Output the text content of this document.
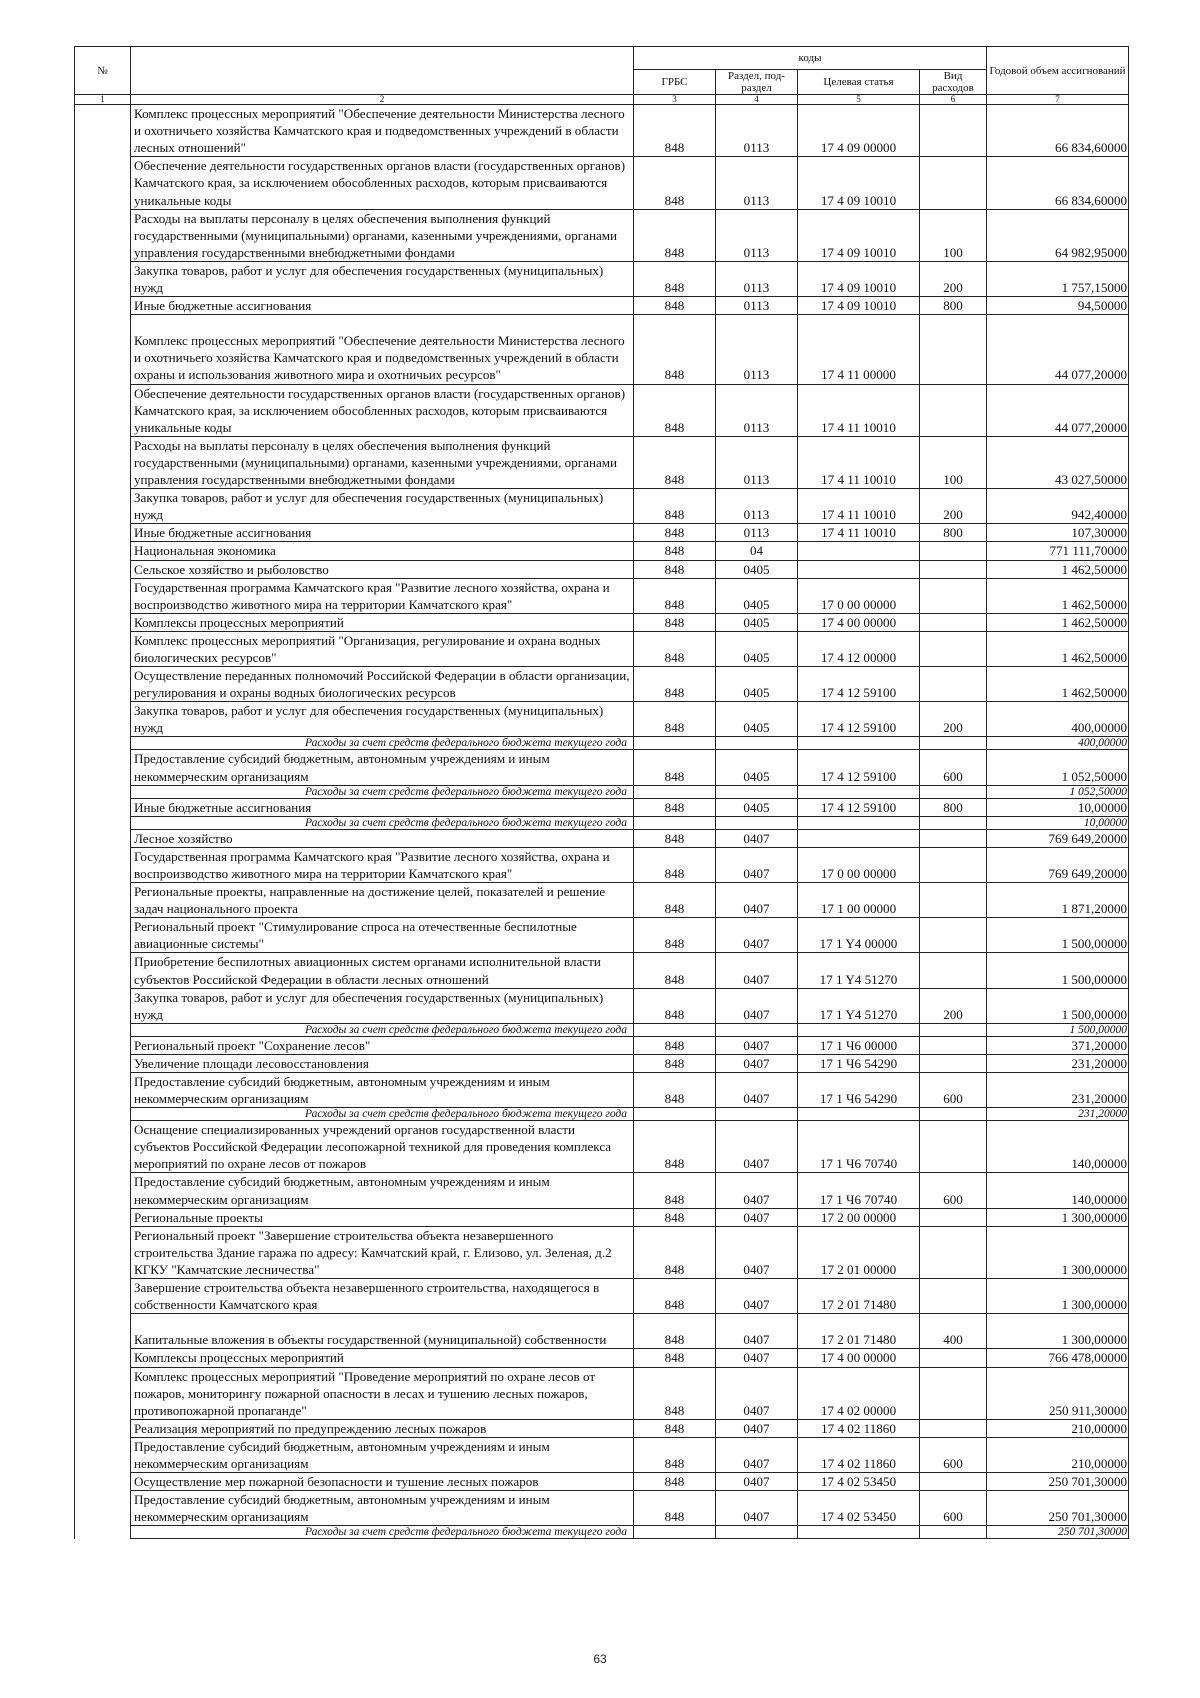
№		коды				Годовой объем ассигнований
		ГРБС	Раздел, под-раздел	Целевая статья	Вид расходов	
1	2	3	4	5	6	7
	Комплекс процессных мероприятий "Обеспечение деятельности Министерства лесного и охотничьего хозяйства Камчатского края и подведомственных учреждений в области лесных отношений"	848	0113	17 4 09 00000		66 834,60000
	Обеспечение деятельности государственных органов власти (государственных органов) Камчатского края, за исключением обособленных расходов, которым присваиваются уникальные коды	848	0113	17 4 09 10010		66 834,60000
	Расходы на выплаты персоналу в целях обеспечения выполнения функций государственными (муниципальными) органами, казенными учреждениями, органами управления государственными внебюджетными фондами	848	0113	17 4 09 10010	100	64 982,95000
	Закупка товаров, работ и услуг для обеспечения государственных (муниципальных) нужд	848	0113	17 4 09 10010	200	1 757,15000
	Иные бюджетные ассигнования	848	0113	17 4 09 10010	800	94,50000
	Комплекс процессных мероприятий "Обеспечение деятельности Министерства лесного и охотничьего хозяйства Камчатского края и подведомственных учреждений в области охраны и использования животного мира и охотничьих ресурсов"	848	0113	17 4 11 00000		44 077,20000
	Обеспечение деятельности государственных органов власти (государственных органов) Камчатского края, за исключением обособленных расходов, которым присваиваются уникальные коды	848	0113	17 4 11 10010		44 077,20000
	Расходы на выплаты персоналу в целях обеспечения выполнения функций государственными (муниципальными) органами, казенными учреждениями, органами управления государственными внебюджетными фондами	848	0113	17 4 11 10010	100	43 027,50000
	Закупка товаров, работ и услуг для обеспечения государственных (муниципальных) нужд	848	0113	17 4 11 10010	200	942,40000
	Иные бюджетные ассигнования	848	0113	17 4 11 10010	800	107,30000
	Национальная экономика	848	04			771 111,70000
	Сельское хозяйство и рыболовство	848	0405			1 462,50000
	Государственная программа Камчатского края "Развитие лесного хозяйства, охрана и воспроизводство животного мира на территории Камчатского края"	848	0405	17 0 00 00000		1 462,50000
	Комплексы процессных мероприятий	848	0405	17 4 00 00000		1 462,50000
	Комплекс процессных мероприятий "Организация, регулирование и охрана водных биологических ресурсов"	848	0405	17 4 12 00000		1 462,50000
	Осуществление переданных полномочий Российской Федерации в области организации, регулирования и охраны водных биологических ресурсов	848	0405	17 4 12 59100		1 462,50000
	Закупка товаров, работ и услуг для обеспечения государственных (муниципальных) нужд	848	0405	17 4 12 59100	200	400,00000
	Расходы за счет средств федерального бюджета текущего года					400,00000
	Предоставление субсидий бюджетным, автономным учреждениям и иным некоммерческим организациям	848	0405	17 4 12 59100	600	1 052,50000
	Расходы за счет средств федерального бюджета текущего года					1 052,50000
	Иные бюджетные ассигнования	848	0405	17 4 12 59100	800	10,00000
	Расходы за счет средств федерального бюджета текущего года					10,00000
	Лесное хозяйство	848	0407			769 649,20000
	Государственная программа Камчатского края "Развитие лесного хозяйства, охрана и воспроизводство животного мира на территории Камчатского края"	848	0407	17 0 00 00000		769 649,20000
	Региональные проекты, направленные на достижение целей, показателей и решение задач национального проекта	848	0407	17 1 00 00000		1 871,20000
	Региональный проект "Стимулирование спроса на отечественные беспилотные авиационные системы"	848	0407	17 1 Y4 00000		1 500,00000
	Приобретение беспилотных авиационных систем органами исполнительной власти субъектов Российской Федерации в области лесных отношений	848	0407	17 1 Y4 51270		1 500,00000
	Закупка товаров, работ и услуг для обеспечения государственных (муниципальных) нужд	848	0407	17 1 Y4 51270	200	1 500,00000
	Расходы за счет средств федерального бюджета текущего года					1 500,00000
	Региональный проект "Сохранение лесов"	848	0407	17 1 Ч6 00000		371,20000
	Увеличение площади лесовосстановления	848	0407	17 1 Ч6 54290		231,20000
	Предоставление субсидий бюджетным, автономным учреждениям и иным некоммерческим организациям	848	0407	17 1 Ч6 54290	600	231,20000
	Расходы за счет средств федерального бюджета текущего года					231,20000
	Оснащение специализированных учреждений органов государственной власти субъектов Российской Федерации лесопожарной техникой для проведения комплекса мероприятий по охране лесов от пожаров	848	0407	17 1 Ч6 70740		140,00000
	Предоставление субсидий бюджетным, автономным учреждениям и иным некоммерческим организациям	848	0407	17 1 Ч6 70740	600	140,00000
	Региональные проекты	848	0407	17 2 00 00000		1 300,00000
	Региональный проект "Завершение строительства объекта незавершенного строительства Здание гаража по адресу: Камчатский край, г. Елизово, ул. Зеленая, д.2 КГКУ "Камчатские лесничества"	848	0407	17 2 01 00000		1 300,00000
	Завершение строительства объекта незавершенного строительства, находящегося в собственности Камчатского края	848	0407	17 2 01 71480		1 300,00000
	Капитальные вложения в объекты государственной (муниципальной) собственности	848	0407	17 2 01 71480	400	1 300,00000
	Комплексы процессных мероприятий	848	0407	17 4 00 00000		766 478,00000
	Комплекс процессных мероприятий "Проведение мероприятий по охране лесов от пожаров, мониторингу пожарной опасности в лесах и тушению лесных пожаров, противопожарной пропаганде"	848	0407	17 4 02 00000		250 911,30000
	Реализация мероприятий по предупреждению лесных пожаров	848	0407	17 4 02 11860		210,00000
	Предоставление субсидий бюджетным, автономным учреждениям и иным некоммерческим организациям	848	0407	17 4 02 11860	600	210,00000
	Осуществление мер пожарной безопасности и тушение лесных пожаров	848	0407	17 4 02 53450		250 701,30000
	Предоставление субсидий бюджетным, автономным учреждениям и иным некоммерческим организациям	848	0407	17 4 02 53450	600	250 701,30000
	Расходы за счет средств федерального бюджета текущего года					250 701,30000
63
